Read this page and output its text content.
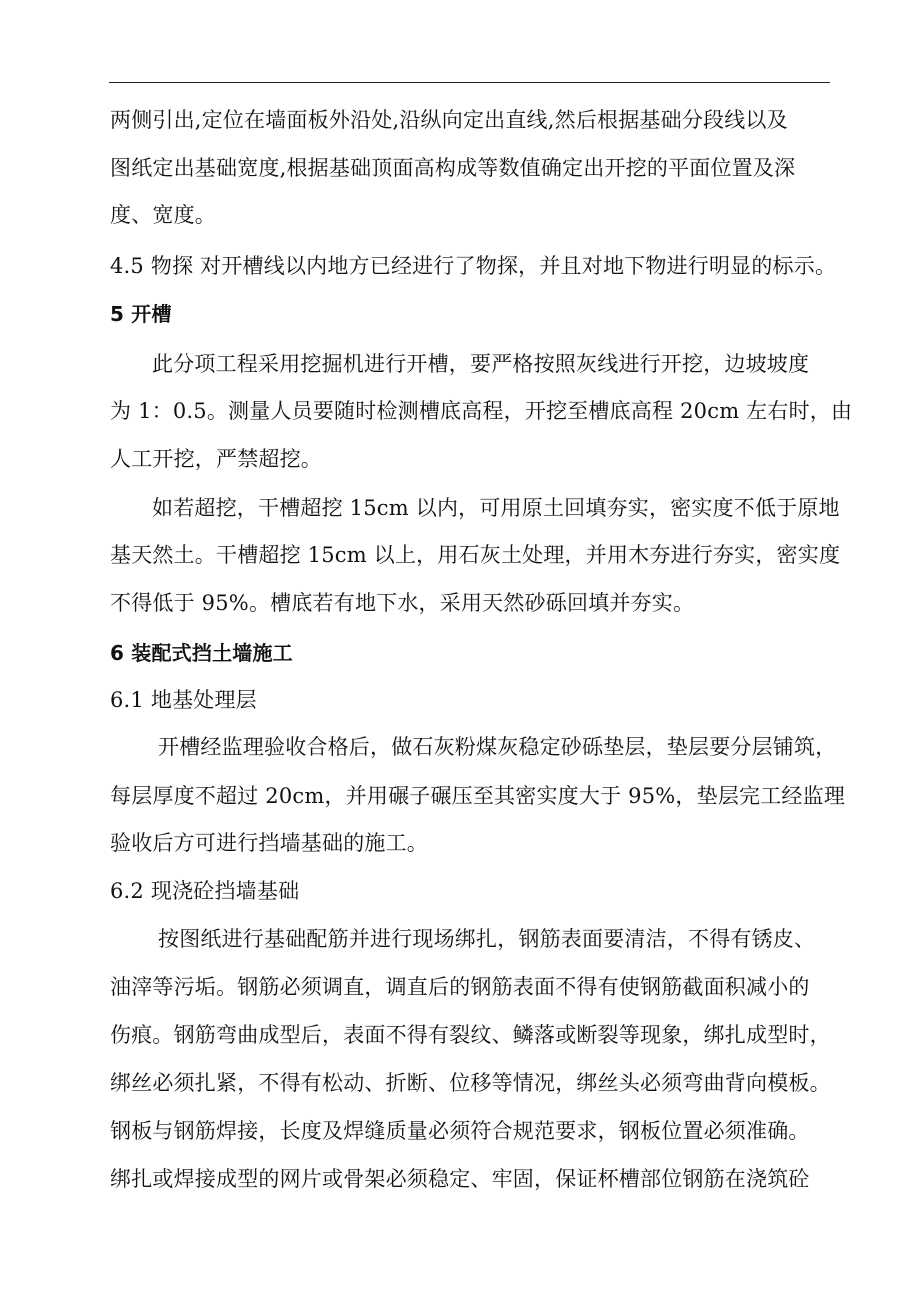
两侧引出,定位在墙面板外沿处,沿纵向定出直线,然后根据基础分段线以及
图纸定出基础宽度,根据基础顶面高构成等数值确定出开挖的平面位置及深
度、宽度。
4.5 物探 对开槽线以内地方已经进行了物探，并且对地下物进行明显的标示。
5 开槽
此分项工程采用挖掘机进行开槽，要严格按照灰线进行开挖，边坡坡度
为 1：0.5。测量人员要随时检测槽底高程，开挖至槽底高程 20cm 左右时，由
人工开挖，严禁超挖。
如若超挖，干槽超挖 15cm 以内，可用原土回填夯实，密实度不低于原地
基天然土。干槽超挖 15cm 以上，用石灰土处理，并用木夯进行夯实，密实度
不得低于 95%。槽底若有地下水，采用天然砂砾回填并夯实。
6 装配式挡土墙施工
6.1 地基处理层
开槽经监理验收合格后，做石灰粉煤灰稳定砂砾垫层，垫层要分层铺筑，
每层厚度不超过 20cm，并用碾子碾压至其密实度大于 95%，垫层完工经监理
验收后方可进行挡墙基础的施工。
6.2 现浇砼挡墙基础
按图纸进行基础配筋并进行现场绑扎，钢筋表面要清洁，不得有锈皮、
油滓等污垢。钢筋必须调直，调直后的钢筋表面不得有使钢筋截面积减小的
伤痕。钢筋弯曲成型后，表面不得有裂纹、鳞落或断裂等现象，绑扎成型时，
绑丝必须扎紧，不得有松动、折断、位移等情况，绑丝头必须弯曲背向模板。
钢板与钢筋焊接，长度及焊缝质量必须符合规范要求，钢板位置必须准确。
绑扎或焊接成型的网片或骨架必须稳定、牢固，保证杯槽部位钢筋在浇筑砼
